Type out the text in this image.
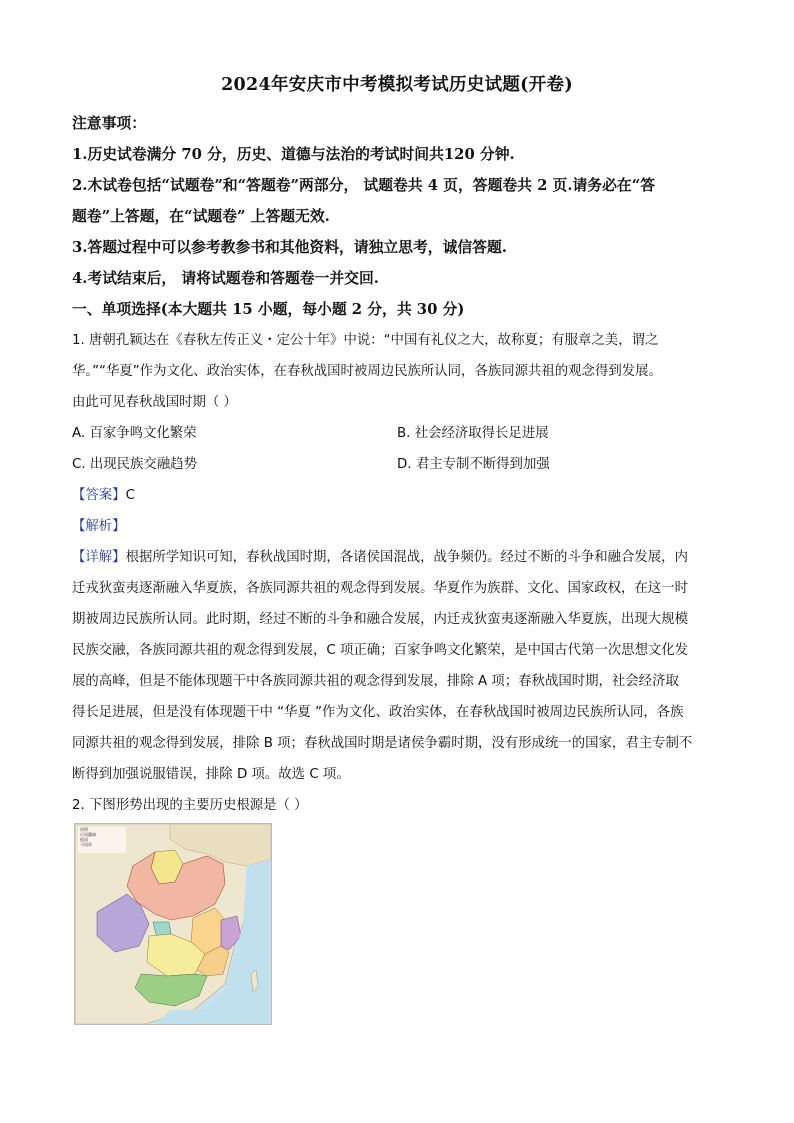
2024年安庆市中考模拟考试历史试题(开卷)
注意事项：
1.历史试卷满分 70 分，历史、道德与法治的考试时间共120 分钟.
2.木试卷包括“试题卷”和“答题卷”两部分， 试题卷共 4 页，答题卷共 2 页.请务必在“答
题卷”上答题，在“试题卷” 上答题无效.
3.答题过程中可以参考教参书和其他资料，请独立思考，诚信答题.
4.考试结束后， 请将试题卷和答题卷一并交回.
一、单项选择(本大题共 15 小题，每小题 2 分，共 30 分)
1. 唐朝孔颖达在《春秋左传正义・定公十年》中说：“中国有礼仪之大，故称夏；有服章之美，谓之
华。”“华夏”作为文化、政治实体，在春秋战国时被周边民族所认同，各族同源共祖的观念得到发展。
由此可见春秋战国时期（ ）
A. 百家争鸣文化繁荣	B. 社会经济取得长足进展
C. 出现民族交融趋势	D. 君主专制不断得到加强
【答案】C
【解析】
【详解】根据所学知识可知，春秋战国时期，各诸侯国混战，战争频仍。经过不断的斗争和融合发展，内
迁戎狄蛮夷逐渐融入华夏族，各族同源共祖的观念得到发展。华夏作为族群、文化、国家政权，在这一时
期被周边民族所认同。此时期，经过不断的斗争和融合发展，内迁戎狄蛮夷逐渐融入华夏族，出现大规模
民族交融，各族同源共祖的观念得到发展，C 项正确；百家争鸣文化繁荣，是中国古代第一次思想文化发
展的高峰，但是不能体现题干中各族同源共祖的观念得到发展，排除 A 项；春秋战国时期，社会经济取
得长足进展，但是没有体现题干中 “华夏 ”作为文化、政治实体，在春秋战国时被周边民族所认同，各族
同源共祖的观念得到发展，排除 B 项；春秋战国时期是诸侯争霸时期，没有形成统一的国家，君主专制不
断得到加强说服错误，排除 D 项。故选 C 项。
2. 下图形势出现的主要历史根源是（ ）
图例
后周疆域
他国
今国界
